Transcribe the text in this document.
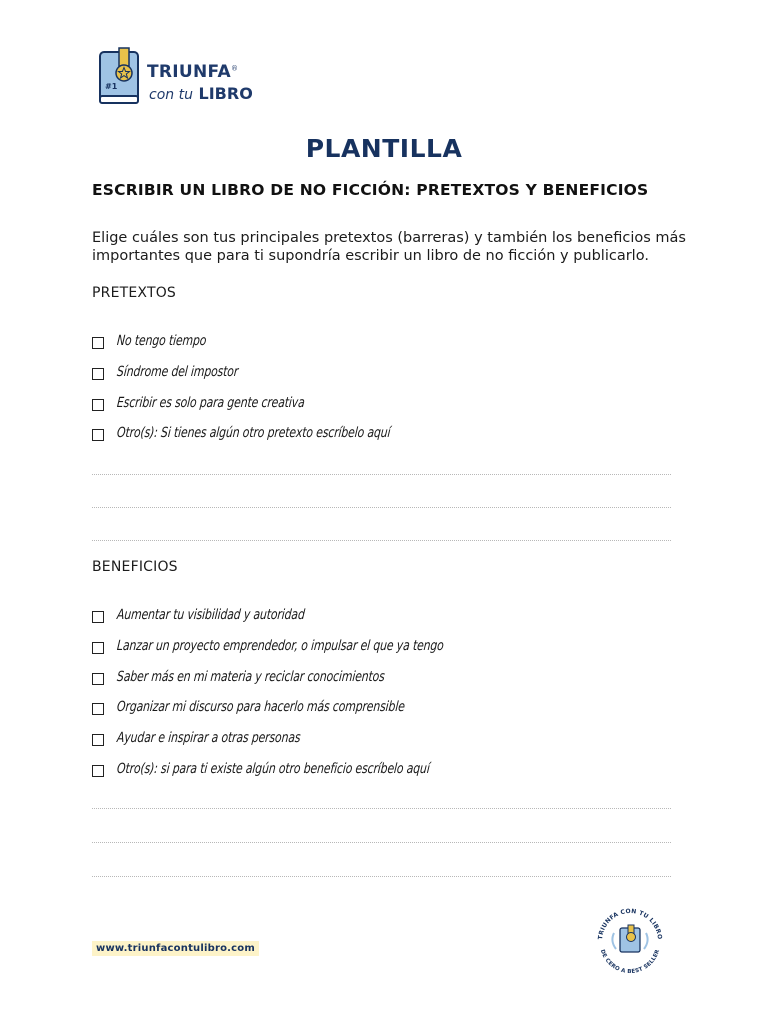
#1
TRIUNFA®
con tu LIBRO
PLANTILLA
ESCRIBIR UN LIBRO DE NO FICCIÓN: PRETEXTOS Y BENEFICIOS
Elige cuáles son tus principales pretextos (barreras) y también los beneficios más importantes que para ti supondría escribir un libro de no ficción y publicarlo.
PRETEXTOS
No tengo tiempo
Síndrome del impostor
Escribir es solo para gente creativa
Otro(s): Si tienes algún otro pretexto escríbelo aquí
BENEFICIOS
Aumentar tu visibilidad y autoridad
Lanzar un proyecto emprendedor, o impulsar el que ya tengo
Saber más en mi materia y reciclar conocimientos
Organizar mi discurso para hacerlo más comprensible
Ayudar e inspirar a otras personas
Otro(s): si para ti existe algún otro beneficio escríbelo aquí
www.triunfacontulibro.com
TRIUNFA CON TU LIBRO
DE CERO A BEST SELLER
